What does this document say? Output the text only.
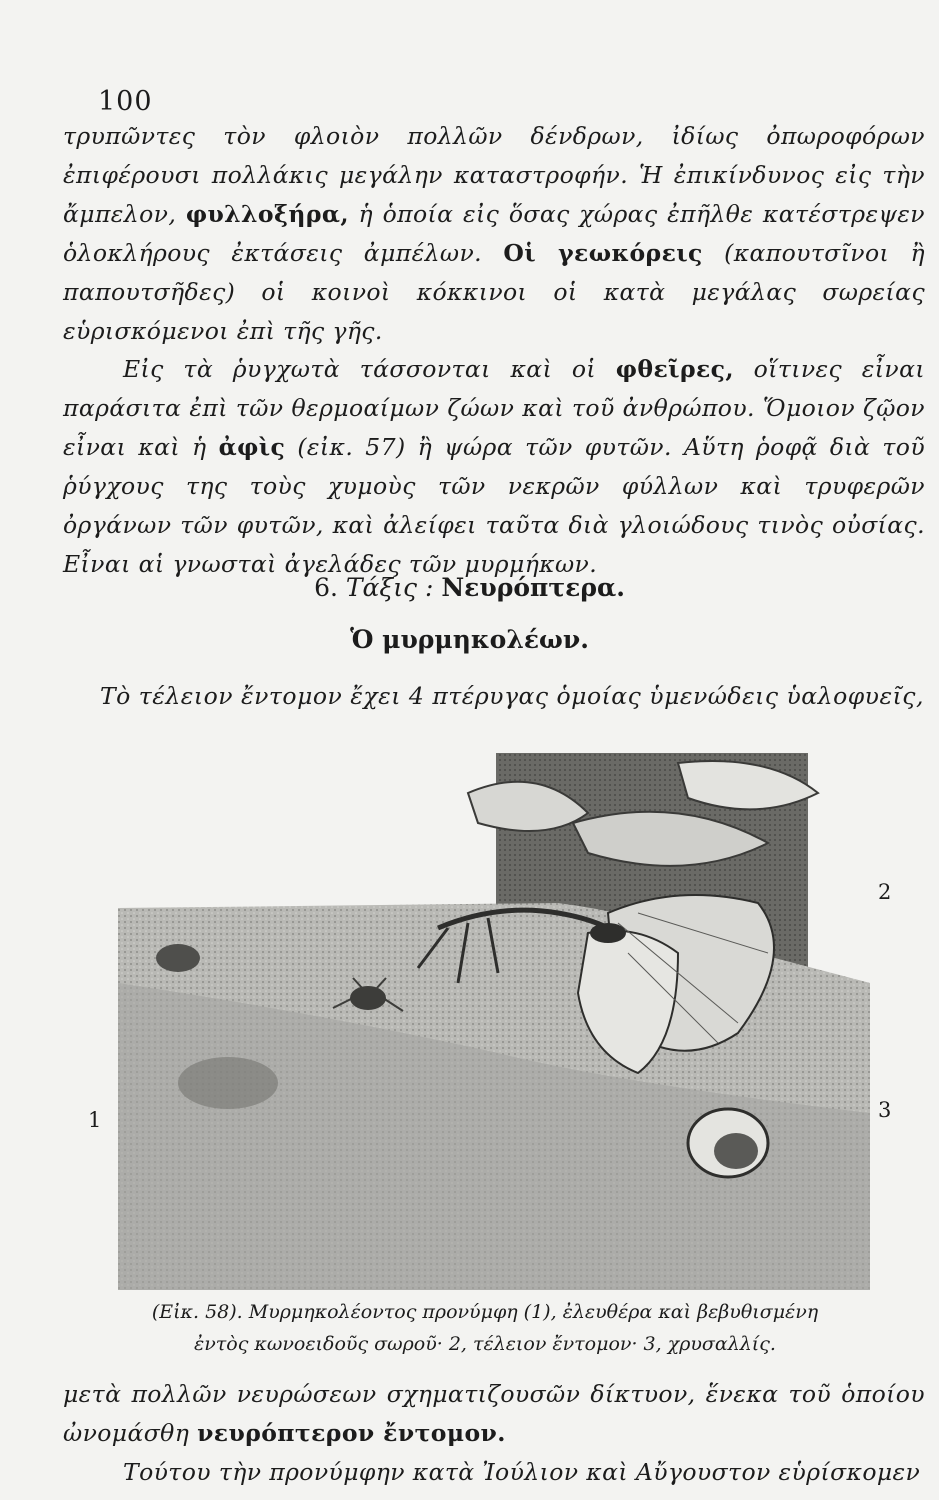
100

τρυπῶντες τὸν φλοιὸν πολλῶν δένδρων, ἰδίως ὀπωροφόρων ἐπιφέρουσι πολλάκις μεγάλην καταστροφήν. Ἡ ἐπικίνδυνος εἰς τὴν ἄμπελον, φυλλοξήρα, ἡ ὁποία εἰς ὅσας χώρας ἐπῆλθε κατέστρεψεν ὁλοκλήρους ἐκτάσεις ἀμπέλων. Οἱ γεωκόρεις (καπουτσῖνοι ἢ παπουτσῆδες) οἱ κοινοὶ κόκκινοι οἱ κατὰ μεγάλας σωρείας εὑρισκόμενοι ἐπὶ τῆς γῆς.

Εἰς τὰ ῥυγχωτὰ τάσσονται καὶ οἱ φθεῖρες, οἵτινες εἶναι παράσιτα ἐπὶ τῶν θερμοαίμων ζώων καὶ τοῦ ἀνθρώπου. Ὅμοιον ζῷον εἶναι καὶ ἡ ἀφὶς (εἰκ. 57) ἢ ψώρα τῶν φυτῶν. Αὕτη ῥοφᾷ διὰ τοῦ ῥύγχους της τοὺς χυμοὺς τῶν νεκρῶν φύλλων καὶ τρυφερῶν ὀργάνων τῶν φυτῶν, καὶ ἀλείφει ταῦτα διὰ γλοιώδους τινὸς οὐσίας. Εἶναι αἱ γνωσταὶ ἀγελάδες τῶν μυρμήκων.

6. Τάξις : Νευρόπτερα.
Ὁ μυρμηκολέων.
Τὸ τέλειον ἔντομον ἔχει 4 πτέρυγας ὁμοίας ὑμενώδεις ὑαλοφυεῖς,
1
2
3
(Εἰκ. 58). Μυρμηκολέοντος προνύμφη (1), ἐλευθέρα καὶ βεβυθισμένη
ἐντὸς κωνοειδοῦς σωροῦ· 2, τέλειον ἔντομον· 3, χρυσαλλίς.

μετὰ πολλῶν νευρώσεων σχηματιζουσῶν δίκτυον, ἕνεκα τοῦ ὁποίου ὠνομάσθη νευρόπτερον ἔντομον.

Τούτου τὴν προνύμφην κατὰ Ἰούλιον καὶ Αὔγουστον εὑρίσκομεν
